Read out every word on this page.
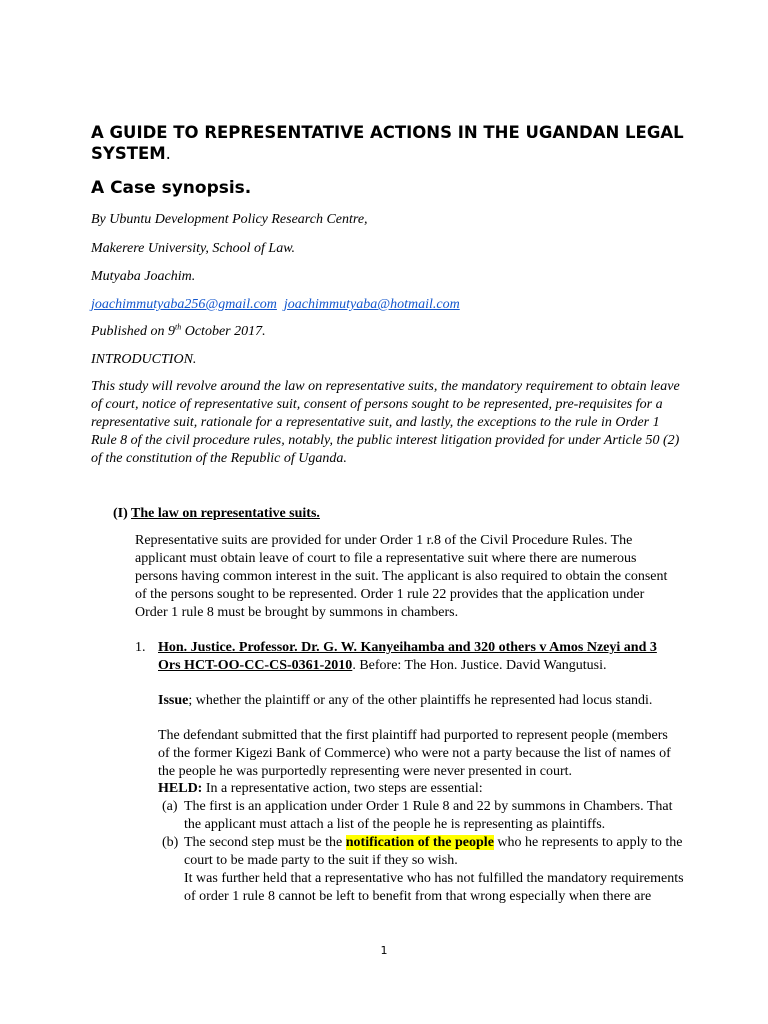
A GUIDE TO REPRESENTATIVE ACTIONS IN THE UGANDAN LEGAL SYSTEM.
A Case synopsis.

By Ubuntu Development Policy Research Centre,

Makerere University, School of Law.

Mutyaba Joachim.

joachimmutyaba256@gmail.com joachimmutyaba@hotmail.com

Published on 9th October 2017.

INTRODUCTION.

This study will revolve around the law on representative suits, the mandatory requirement to obtain leave of court, notice of representative suit, consent of persons sought to be represented, pre-requisites for a representative suit, rationale for a representative suit, and lastly, the exceptions to the rule in Order 1 Rule 8 of the civil procedure rules, notably, the public interest litigation provided for under Article 50 (2) of the constitution of the Republic of Uganda.

(I) The law on representative suits.

Representative suits are provided for under Order 1 r.8 of the Civil Procedure Rules. The applicant must obtain leave of court to file a representative suit where there are numerous persons having common interest in the suit. The applicant is also required to obtain the consent of the persons sought to be represented. Order 1 rule 22 provides that the application under Order 1 rule 8 must be brought by summons in chambers.

1. Hon. Justice. Professor. Dr. G. W. Kanyeihamba and 320 others v Amos Nzeyi and 3 Ors HCT-OO-CC-CS-0361-2010. Before: The Hon. Justice. David Wangutusi.

Issue; whether the plaintiff or any of the other plaintiffs he represented had locus standi.

The defendant submitted that the first plaintiff had purported to represent people (members of the former Kigezi Bank of Commerce) who were not a party because the list of names of the people he was purportedly representing were never presented in court.

HELD: In a representative action, two steps are essential:

(a) The first is an application under Order 1 Rule 8 and 22 by summons in Chambers. That the applicant must attach a list of the people he is representing as plaintiffs.

(b) The second step must be the notification of the people who he represents to apply to the court to be made party to the suit if they so wish.
It was further held that a representative who has not fulfilled the mandatory requirements of order 1 rule 8 cannot be left to benefit from that wrong especially when there are

1
